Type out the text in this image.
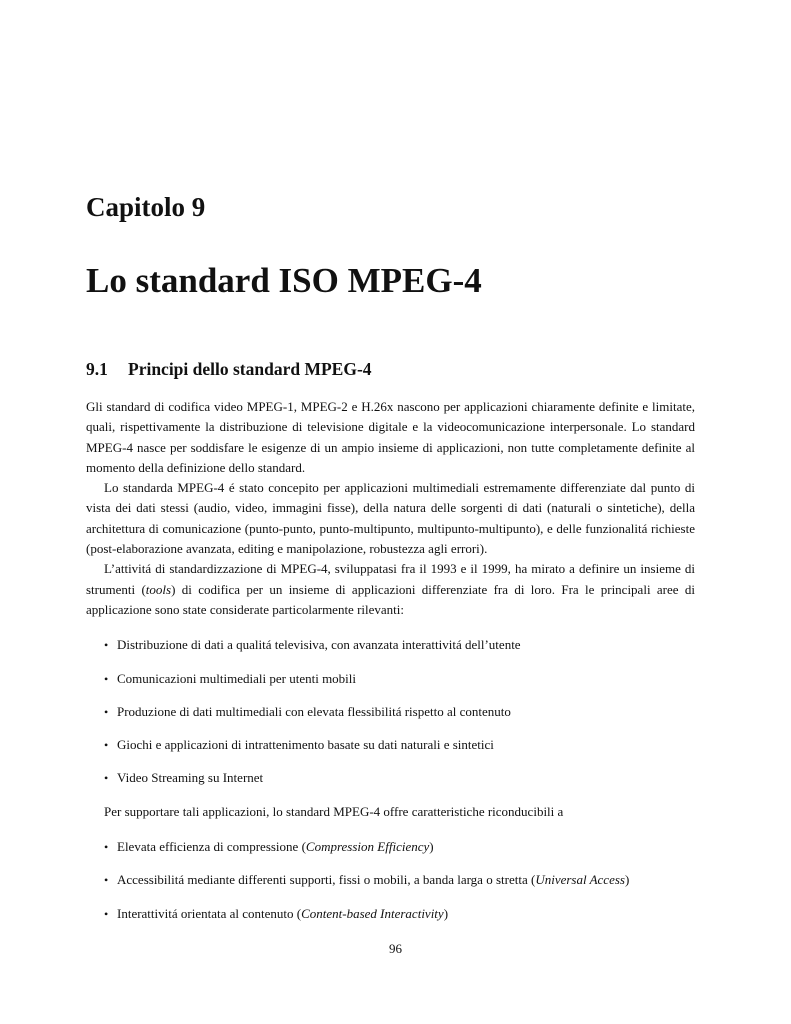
Capitolo 9
Lo standard ISO MPEG-4
9.1 Principi dello standard MPEG-4

Gli standard di codifica video MPEG-1, MPEG-2 e H.26x nascono per applicazioni chiaramente definite e limitate, quali, rispettivamente la distribuzione di televisione digitale e la videocomunicazione interpersonale. Lo standard MPEG-4 nasce per soddisfare le esigenze di un ampio insieme di applicazioni, non tutte completamente definite al momento della definizione dello standard.

Lo standarda MPEG-4 é stato concepito per applicazioni multimediali estremamente differenziate dal punto di vista dei dati stessi (audio, video, immagini fisse), della natura delle sorgenti di dati (naturali o sintetiche), della architettura di comunicazione (punto-punto, punto-multipunto, multipunto-multipunto), e delle funzionalitá richieste (post-elaborazione avanzata, editing e manipolazione, robustezza agli errori).

L’attivitá di standardizzazione di MPEG-4, sviluppatasi fra il 1993 e il 1999, ha mirato a definire un insieme di strumenti (tools) di codifica per un insieme di applicazioni differenziate fra di loro. Fra le principali aree di applicazione sono state considerate particolarmente rilevanti:

• Distribuzione di dati a qualitá televisiva, con avanzata interattivitá dell’utente
• Comunicazioni multimediali per utenti mobili
• Produzione di dati multimediali con elevata flessibilitá rispetto al contenuto
• Giochi e applicazioni di intrattenimento basate su dati naturali e sintetici
• Video Streaming su Internet

Per supportare tali applicazioni, lo standard MPEG-4 offre caratteristiche riconducibili a

• Elevata efficienza di compressione (Compression Efficiency)
• Accessibilitá mediante differenti supporti, fissi o mobili, a banda larga o stretta (Universal Access)
• Interattivitá orientata al contenuto (Content-based Interactivity)
96
